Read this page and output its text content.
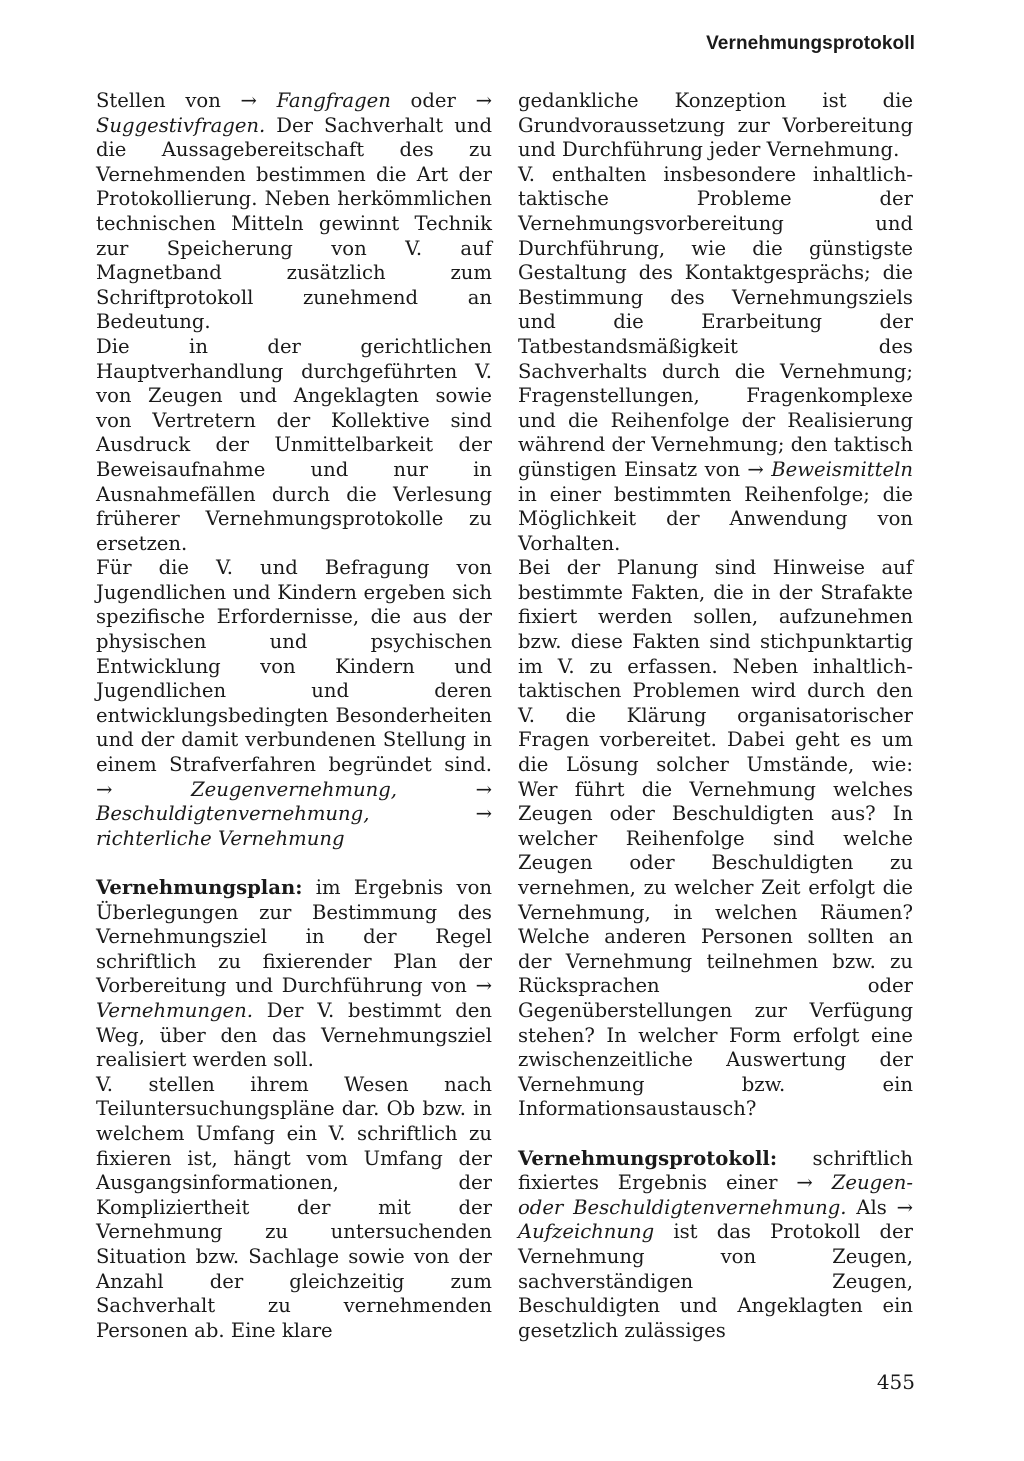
Vernehmungsprotokoll

Stellen von → Fangfragen oder → Suggestivfragen. Der Sachverhalt und die Aussagebereitschaft des zu Vernehmenden bestimmen die Art der Protokollierung. Neben herkömmlichen technischen Mitteln gewinnt Technik zur Speicherung von V. auf Magnetband zusätzlich zum Schriftprotokoll zunehmend an Bedeutung.

Die in der gerichtlichen Hauptverhandlung durchgeführten V. von Zeugen und Angeklagten sowie von Vertretern der Kollektive sind Ausdruck der Unmittelbarkeit der Beweisaufnahme und nur in Ausnahmefällen durch die Verlesung früherer Vernehmungsprotokolle zu ersetzen.

Für die V. und Befragung von Jugendlichen und Kindern ergeben sich spezifische Erfordernisse, die aus der physischen und psychischen Entwicklung von Kindern und Jugendlichen und deren entwicklungsbedingten Besonderheiten und der damit verbundenen Stellung in einem Strafverfahren begründet sind. → Zeugenvernehmung, → Beschuldigtenvernehmung, → richterliche Vernehmung

Vernehmungsplan: im Ergebnis von Überlegungen zur Bestimmung des Vernehmungsziel in der Regel schriftlich zu fixierender Plan der Vorbereitung und Durchführung von → Vernehmungen. Der V. bestimmt den Weg, über den das Vernehmungsziel realisiert werden soll.

V. stellen ihrem Wesen nach Teiluntersuchungspläne dar. Ob bzw. in welchem Umfang ein V. schriftlich zu fixieren ist, hängt vom Umfang der Ausgangsinformationen, der Kompliziertheit der mit der Vernehmung zu untersuchenden Situation bzw. Sachlage sowie von der Anzahl der gleichzeitig zum Sachverhalt zu vernehmenden Personen ab. Eine klare

gedankliche Konzeption ist die Grundvoraussetzung zur Vorbereitung und Durchführung jeder Vernehmung.

V. enthalten insbesondere inhaltlich-taktische Probleme der Vernehmungsvorbereitung und Durchführung, wie die günstigste Gestaltung des Kontaktgesprächs; die Bestimmung des Vernehmungsziels und die Erarbeitung der Tatbestandsmäßigkeit des Sachverhalts durch die Vernehmung; Fragenstellungen, Fragenkomplexe und die Reihenfolge der Realisierung während der Vernehmung; den taktisch günstigen Einsatz von → Beweismitteln in einer bestimmten Reihenfolge; die Möglichkeit der Anwendung von Vorhalten.

Bei der Planung sind Hinweise auf bestimmte Fakten, die in der Strafakte fixiert werden sollen, aufzunehmen bzw. diese Fakten sind stichpunktartig im V. zu erfassen. Neben inhaltlich-taktischen Problemen wird durch den V. die Klärung organisatorischer Fragen vorbereitet. Dabei geht es um die Lösung solcher Umstände, wie: Wer führt die Vernehmung welches Zeugen oder Beschuldigten aus? In welcher Reihenfolge sind welche Zeugen oder Beschuldigten zu vernehmen, zu welcher Zeit erfolgt die Vernehmung, in welchen Räumen? Welche anderen Personen sollten an der Vernehmung teilnehmen bzw. zu Rücksprachen oder Gegenüberstellungen zur Verfügung stehen? In welcher Form erfolgt eine zwischenzeitliche Auswertung der Vernehmung bzw. ein Informationsaustausch?

Vernehmungsprotokoll: schriftlich fixiertes Ergebnis einer → Zeugen- oder Beschuldigtenvernehmung. Als → Aufzeichnung ist das Protokoll der Vernehmung von Zeugen, sachverständigen Zeugen, Beschuldigten und Angeklagten ein gesetzlich zulässiges

455
